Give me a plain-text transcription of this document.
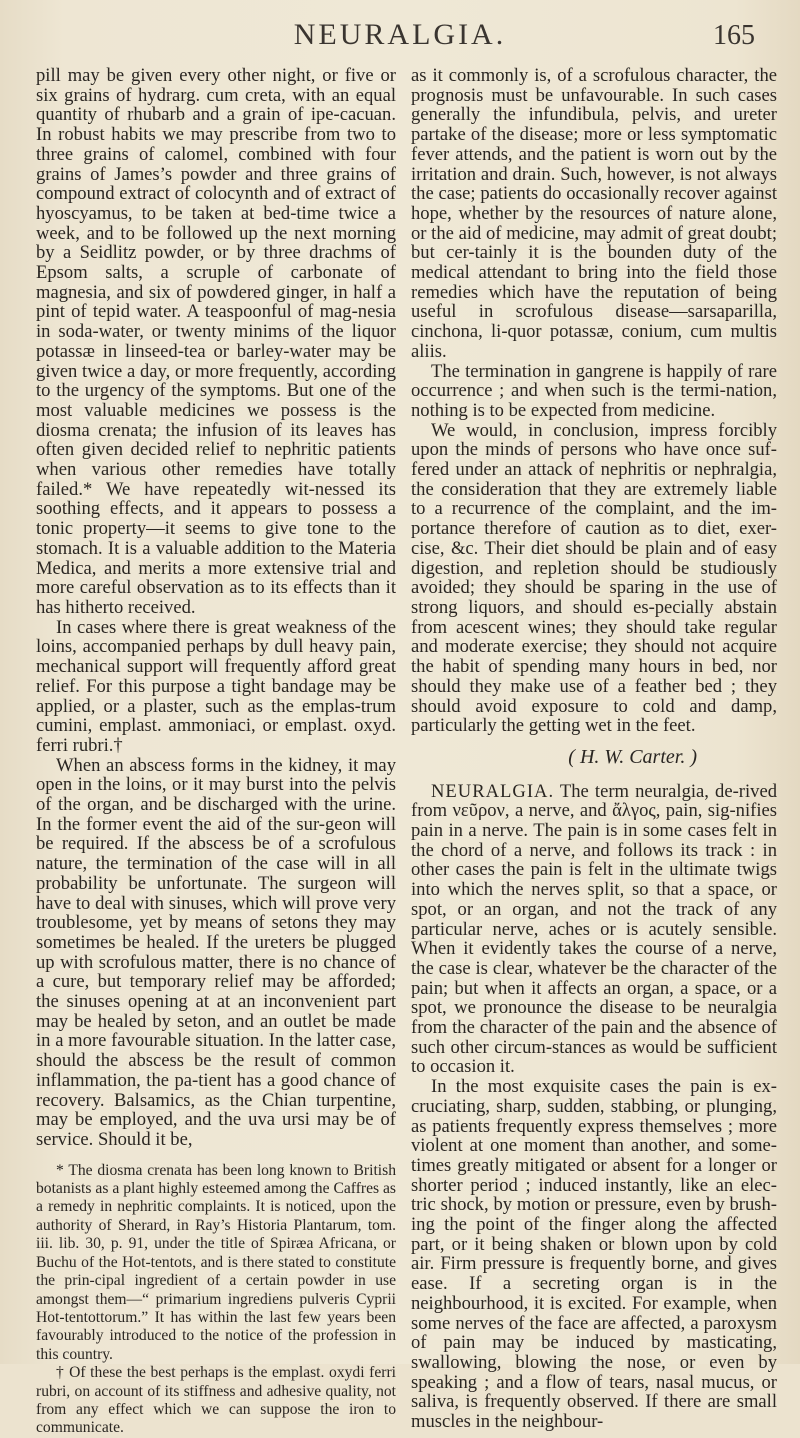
NEURALGIA.	165

pill may be given every other night, or five or six grains of hydrarg. cum creta, with an equal quantity of rhubarb and a grain of ipe-cacuan. In robust habits we may prescribe from two to three grains of calomel, combined with four grains of James’s powder and three grains of compound extract of colocynth and of extract of hyoscyamus, to be taken at bed-time twice a week, and to be followed up the next morning by a Seidlitz powder, or by three drachms of Epsom salts, a scruple of carbonate of magnesia, and six of powdered ginger, in half a pint of tepid water. A teaspoonful of mag-nesia in soda-water, or twenty minims of the liquor potassæ in linseed-tea or barley-water may be given twice a day, or more frequently, according to the urgency of the symptoms. But one of the most valuable medicines we possess is the diosma crenata; the infusion of its leaves has often given decided relief to nephritic patients when various other remedies have totally failed.* We have repeatedly wit-nessed its soothing effects, and it appears to possess a tonic property—it seems to give tone to the stomach. It is a valuable addition to the Materia Medica, and merits a more extensive trial and more careful observation as to its effects than it has hitherto received.

In cases where there is great weakness of the loins, accompanied perhaps by dull heavy pain, mechanical support will frequently afford great relief. For this purpose a tight bandage may be applied, or a plaster, such as the emplas-trum cumini, emplast. ammoniaci, or emplast. oxyd. ferri rubri.†

When an abscess forms in the kidney, it may open in the loins, or it may burst into the pelvis of the organ, and be discharged with the urine. In the former event the aid of the sur-geon will be required. If the abscess be of a scrofulous nature, the termination of the case will in all probability be unfortunate. The surgeon will have to deal with sinuses, which will prove very troublesome, yet by means of setons they may sometimes be healed. If the ureters be plugged up with scrofulous matter, there is no chance of a cure, but temporary relief may be afforded; the sinuses opening at at an inconvenient part may be healed by seton, and an outlet be made in a more favourable situation. In the latter case, should the abscess be the result of common inflammation, the pa-tient has a good chance of recovery. Balsamics, as the Chian turpentine, may be employed, and the uva ursi may be of service. Should it be,

* The diosma crenata has been long known to British botanists as a plant highly esteemed among the Caffres as a remedy in nephritic complaints. It is noticed, upon the authority of Sherard, in Ray’s Historia Plantarum, tom. iii. lib. 30, p. 91, under the title of Spiræa Africana, or Buchu of the Hot-tentots, and is there stated to constitute the prin-cipal ingredient of a certain powder in use amongst them—“ primarium ingrediens pulveris Cyprii Hot-tentottorum.” It has within the last few years been favourably introduced to the notice of the profession in this country.

† Of these the best perhaps is the emplast. oxydi ferri rubri, on account of its stiffness and adhesive quality, not from any effect which we can suppose the iron to communicate.

as it commonly is, of a scrofulous character, the prognosis must be unfavourable. In such cases generally the infundibula, pelvis, and ureter partake of the disease; more or less symptomatic fever attends, and the patient is worn out by the irritation and drain. Such, however, is not always the case; patients do occasionally recover against hope, whether by the resources of nature alone, or the aid of medicine, may admit of great doubt; but cer-tainly it is the bounden duty of the medical attendant to bring into the field those remedies which have the reputation of being useful in scrofulous disease—sarsaparilla, cinchona, li-quor potassæ, conium, cum multis aliis.

The termination in gangrene is happily of rare occurrence ; and when such is the termi-nation, nothing is to be expected from medicine.

We would, in conclusion, impress forcibly upon the minds of persons who have once suf-fered under an attack of nephritis or nephralgia, the consideration that they are extremely liable to a recurrence of the complaint, and the im-portance therefore of caution as to diet, exer-cise, &c. Their diet should be plain and of easy digestion, and repletion should be studiously avoided; they should be sparing in the use of strong liquors, and should es-pecially abstain from acescent wines; they should take regular and moderate exercise; they should not acquire the habit of spending many hours in bed, nor should they make use of a feather bed ; they should avoid exposure to cold and damp, particularly the getting wet in the feet.

( H. W. Carter. )

NEURALGIA. The term neuralgia, de-rived from νεῦρον, a nerve, and ἄλγος, pain, sig-nifies pain in a nerve. The pain is in some cases felt in the chord of a nerve, and follows its track : in other cases the pain is felt in the ultimate twigs into which the nerves split, so that a space, or spot, or an organ, and not the track of any particular nerve, aches or is acutely sensible. When it evidently takes the course of a nerve, the case is clear, whatever be the character of the pain; but when it affects an organ, a space, or a spot, we pronounce the disease to be neuralgia from the character of the pain and the absence of such other circum-stances as would be sufficient to occasion it.

In the most exquisite cases the pain is ex-cruciating, sharp, sudden, stabbing, or plunging, as patients frequently express themselves ; more violent at one moment than another, and some-times greatly mitigated or absent for a longer or shorter period ; induced instantly, like an elec-tric shock, by motion or pressure, even by brush-ing the point of the finger along the affected part, or it being shaken or blown upon by cold air. Firm pressure is frequently borne, and gives ease. If a secreting organ is in the neighbourhood, it is excited. For example, when some nerves of the face are affected, a paroxysm of pain may be induced by masticating, swallowing, blowing the nose, or even by speaking ; and a flow of tears, nasal mucus, or saliva, is frequently observed. If there are small muscles in the neighbour-
